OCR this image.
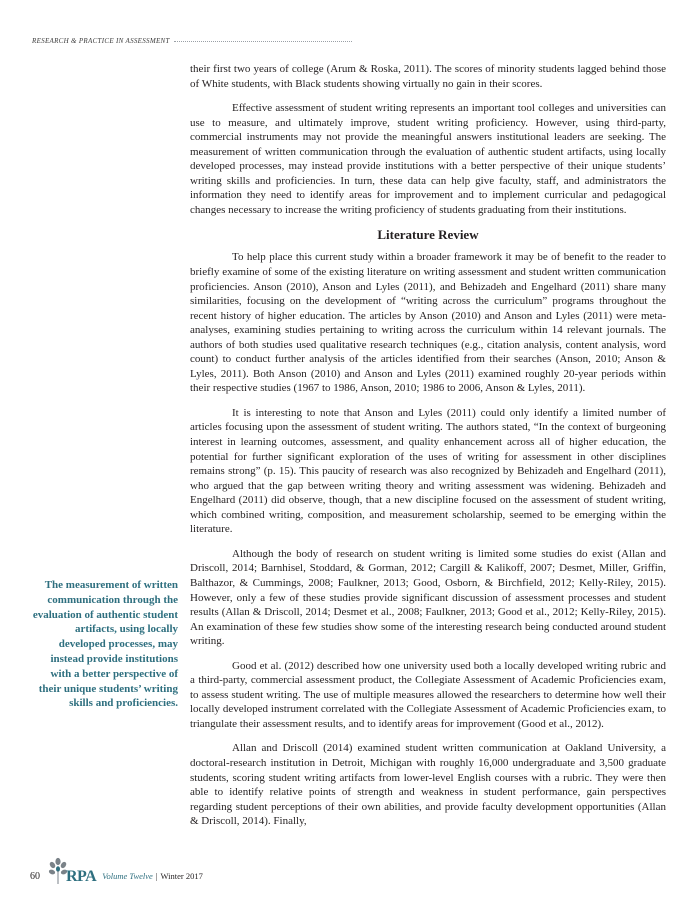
RESEARCH & PRACTICE IN ASSESSMENT

their first two years of college (Arum & Roska, 2011). The scores of minority students lagged behind those of White students, with Black students showing virtually no gain in their scores.

Effective assessment of student writing represents an important tool colleges and universities can use to measure, and ultimately improve, student writing proficiency. However, using third-party, commercial instruments may not provide the meaningful answers institutional leaders are seeking. The measurement of written communication through the evaluation of authentic student artifacts, using locally developed processes, may instead provide institutions with a better perspective of their unique students’ writing skills and proficiencies. In turn, these data can help give faculty, staff, and administrators the information they need to identify areas for improvement and to implement curricular and pedagogical changes necessary to increase the writing proficiency of students graduating from their institutions.

Literature Review

To help place this current study within a broader framework it may be of benefit to the reader to briefly examine of some of the existing literature on writing assessment and student written communication proficiencies. Anson (2010), Anson and Lyles (2011), and Behizadeh and Engelhard (2011) share many similarities, focusing on the development of “writing across the curriculum” programs throughout the recent history of higher education. The articles by Anson (2010) and Anson and Lyles (2011) were meta-analyses, examining studies pertaining to writing across the curriculum within 14 relevant journals. The authors of both studies used qualitative research techniques (e.g., citation analysis, content analysis, word count) to conduct further analysis of the articles identified from their searches (Anson, 2010; Anson & Lyles, 2011). Both Anson (2010) and Anson and Lyles (2011) examined roughly 20-year periods within their respective studies (1967 to 1986, Anson, 2010; 1986 to 2006, Anson & Lyles, 2011).

It is interesting to note that Anson and Lyles (2011) could only identify a limited number of articles focusing upon the assessment of student writing. The authors stated, “In the context of burgeoning interest in learning outcomes, assessment, and quality enhancement across all of higher education, the potential for further significant exploration of the uses of writing for assessment in other disciplines remains strong” (p. 15). This paucity of research was also recognized by Behizadeh and Engelhard (2011), who argued that the gap between writing theory and writing assessment was widening. Behizadeh and Engelhard (2011) did observe, though, that a new discipline focused on the assessment of student writing, which combined writing, composition, and measurement scholarship, seemed to be emerging within the literature.

Although the body of research on student writing is limited some studies do exist (Allan and Driscoll, 2014; Barnhisel, Stoddard, & Gorman, 2012; Cargill & Kalikoff, 2007; Desmet, Miller, Griffin, Balthazor, & Cummings, 2008; Faulkner, 2013; Good, Osborn, & Birchfield, 2012; Kelly-Riley, 2015). However, only a few of these studies provide significant discussion of assessment processes and student results (Allan & Driscoll, 2014; Desmet et al., 2008; Faulkner, 2013; Good et al., 2012; Kelly-Riley, 2015). An examination of these few studies show some of the interesting research being conducted around student writing.

Good et al. (2012) described how one university used both a locally developed writing rubric and a third-party, commercial assessment product, the Collegiate Assessment of Academic Proficiencies exam, to assess student writing. The use of multiple measures allowed the researchers to determine how well their locally developed instrument correlated with the Collegiate Assessment of Academic Proficiencies exam, to triangulate their assessment results, and to identify areas for improvement (Good et al., 2012).

Allan and Driscoll (2014) examined student written communication at Oakland University, a doctoral-research institution in Detroit, Michigan with roughly 16,000 undergraduate and 3,500 graduate students, scoring student writing artifacts from lower-level English courses with a rubric. They were then able to identify relative points of strength and weakness in student performance, gain perspectives regarding student perceptions of their own abilities, and provide faculty development opportunities (Allan & Driscoll, 2014). Finally,

The measurement of written communication through the evaluation of authentic student artifacts, using locally developed processes, may instead provide institutions with a better perspective of their unique students’ writing skills and proficiencies.
60 RPA Volume Twelve | Winter 2017
